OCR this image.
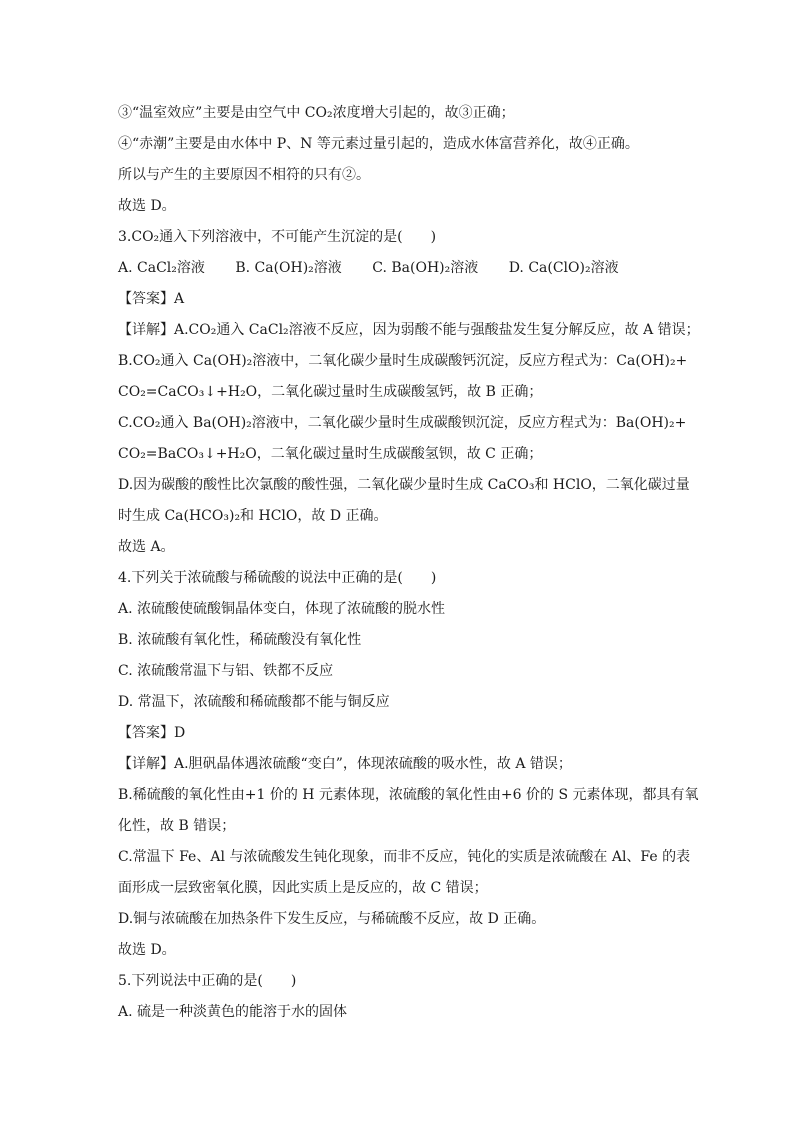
③“温室效应”主要是由空气中 CO₂浓度增大引起的，故③正确；
④“赤潮”主要是由水体中 P、N 等元素过量引起的，造成水体富营养化，故④正确。
所以与产生的主要原因不相符的只有②。
故选 D。
3.CO₂通入下列溶液中，不可能产生沉淀的是(　　)
A. CaCl₂溶液 B. Ca(OH)₂溶液 C. Ba(OH)₂溶液 D. Ca(ClO)₂溶液
【答案】A
【详解】A.CO₂通入 CaCl₂溶液不反应，因为弱酸不能与强酸盐发生复分解反应，故 A 错误；
B.CO₂通入 Ca(OH)₂溶液中，二氧化碳少量时生成碳酸钙沉淀，反应方程式为：Ca(OH)₂+
CO₂=CaCO₃↓+H₂O，二氧化碳过量时生成碳酸氢钙，故 B 正确；
C.CO₂通入 Ba(OH)₂溶液中，二氧化碳少量时生成碳酸钡沉淀，反应方程式为：Ba(OH)₂+
CO₂=BaCO₃↓+H₂O，二氧化碳过量时生成碳酸氢钡，故 C 正确；
D.因为碳酸的酸性比次氯酸的酸性强，二氧化碳少量时生成 CaCO₃和 HClO，二氧化碳过量
时生成 Ca(HCO₃)₂和 HClO，故 D 正确。
故选 A。
4.下列关于浓硫酸与稀硫酸的说法中正确的是(　　)
A. 浓硫酸使硫酸铜晶体变白，体现了浓硫酸的脱水性
B. 浓硫酸有氧化性，稀硫酸没有氧化性
C. 浓硫酸常温下与铝、铁都不反应
D. 常温下，浓硫酸和稀硫酸都不能与铜反应
【答案】D
【详解】A.胆矾晶体遇浓硫酸“变白”，体现浓硫酸的吸水性，故 A 错误；
B.稀硫酸的氧化性由+1 价的 H 元素体现，浓硫酸的氧化性由+6 价的 S 元素体现，都具有氧
化性，故 B 错误；
C.常温下 Fe、Al 与浓硫酸发生钝化现象，而非不反应，钝化的实质是浓硫酸在 Al、Fe 的表
面形成一层致密氧化膜，因此实质上是反应的，故 C 错误；
D.铜与浓硫酸在加热条件下发生反应，与稀硫酸不反应，故 D 正确。
故选 D。
5.下列说法中正确的是(　　)
A. 硫是一种淡黄色的能溶于水的固体
